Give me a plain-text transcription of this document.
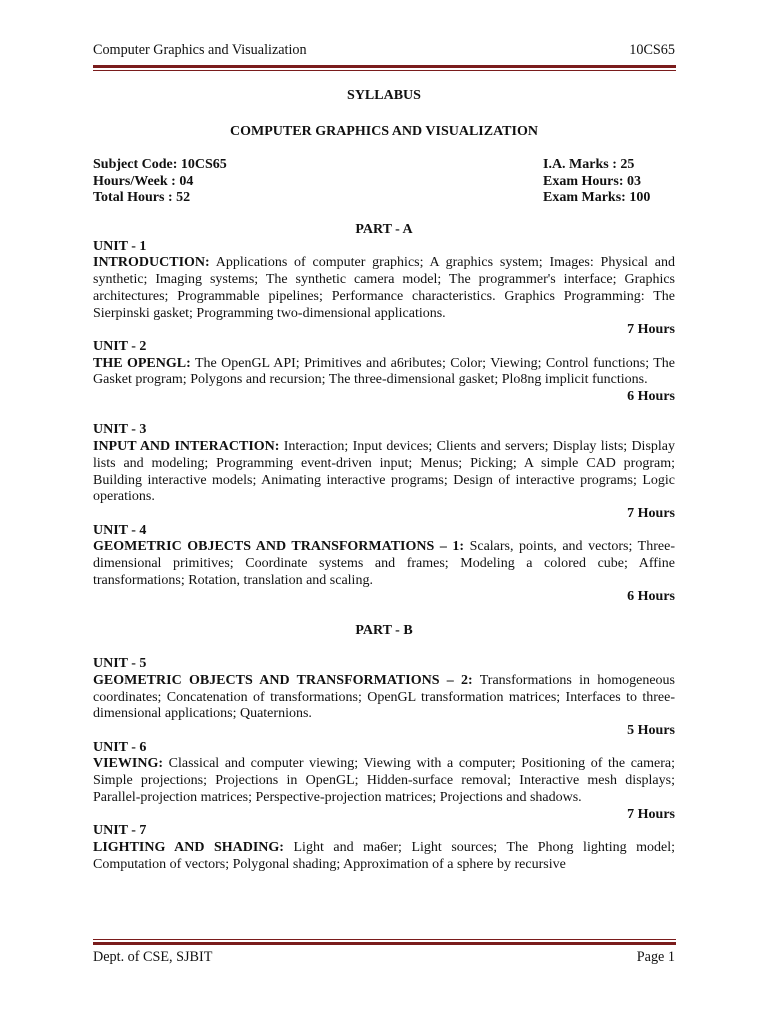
Computer Graphics and Visualization	10CS65
SYLLABUS
COMPUTER GRAPHICS AND VISUALIZATION
Subject Code: 10CS65	I.A. Marks : 25
Hours/Week : 04	Exam Hours: 03
Total Hours : 52	Exam Marks: 100
PART - A
UNIT - 1
INTRODUCTION: Applications of computer graphics; A graphics system; Images: Physical and synthetic; Imaging systems; The synthetic camera model; The programmer's interface; Graphics architectures; Programmable pipelines; Performance characteristics. Graphics Programming: The Sierpinski gasket; Programming two-dimensional applications.
7 Hours
UNIT - 2
THE OPENGL: The OpenGL API; Primitives and a6ributes; Color; Viewing; Control functions; The Gasket program; Polygons and recursion; The three-dimensional gasket; Plo8ng implicit functions.
6 Hours
UNIT - 3
INPUT AND INTERACTION: Interaction; Input devices; Clients and servers; Display lists; Display lists and modeling; Programming event-driven input; Menus; Picking; A simple CAD program; Building interactive models; Animating interactive programs; Design of interactive programs; Logic operations.
7 Hours
UNIT - 4
GEOMETRIC OBJECTS AND TRANSFORMATIONS – 1: Scalars, points, and vectors; Three-dimensional primitives; Coordinate systems and frames; Modeling a colored cube; Affine transformations; Rotation, translation and scaling.
6 Hours
PART - B
UNIT - 5
GEOMETRIC OBJECTS AND TRANSFORMATIONS – 2: Transformations in homogeneous coordinates; Concatenation of transformations; OpenGL transformation matrices; Interfaces to three-dimensional applications; Quaternions.
5 Hours
UNIT - 6
VIEWING: Classical and computer viewing; Viewing with a computer; Positioning of the camera; Simple projections; Projections in OpenGL; Hidden-surface removal; Interactive mesh displays; Parallel-projection matrices; Perspective-projection matrices; Projections and shadows.
7 Hours
UNIT - 7
LIGHTING AND SHADING: Light and ma6er; Light sources; The Phong lighting model; Computation of vectors; Polygonal shading; Approximation of a sphere by recursive
Dept. of CSE, SJBIT	Page 1
